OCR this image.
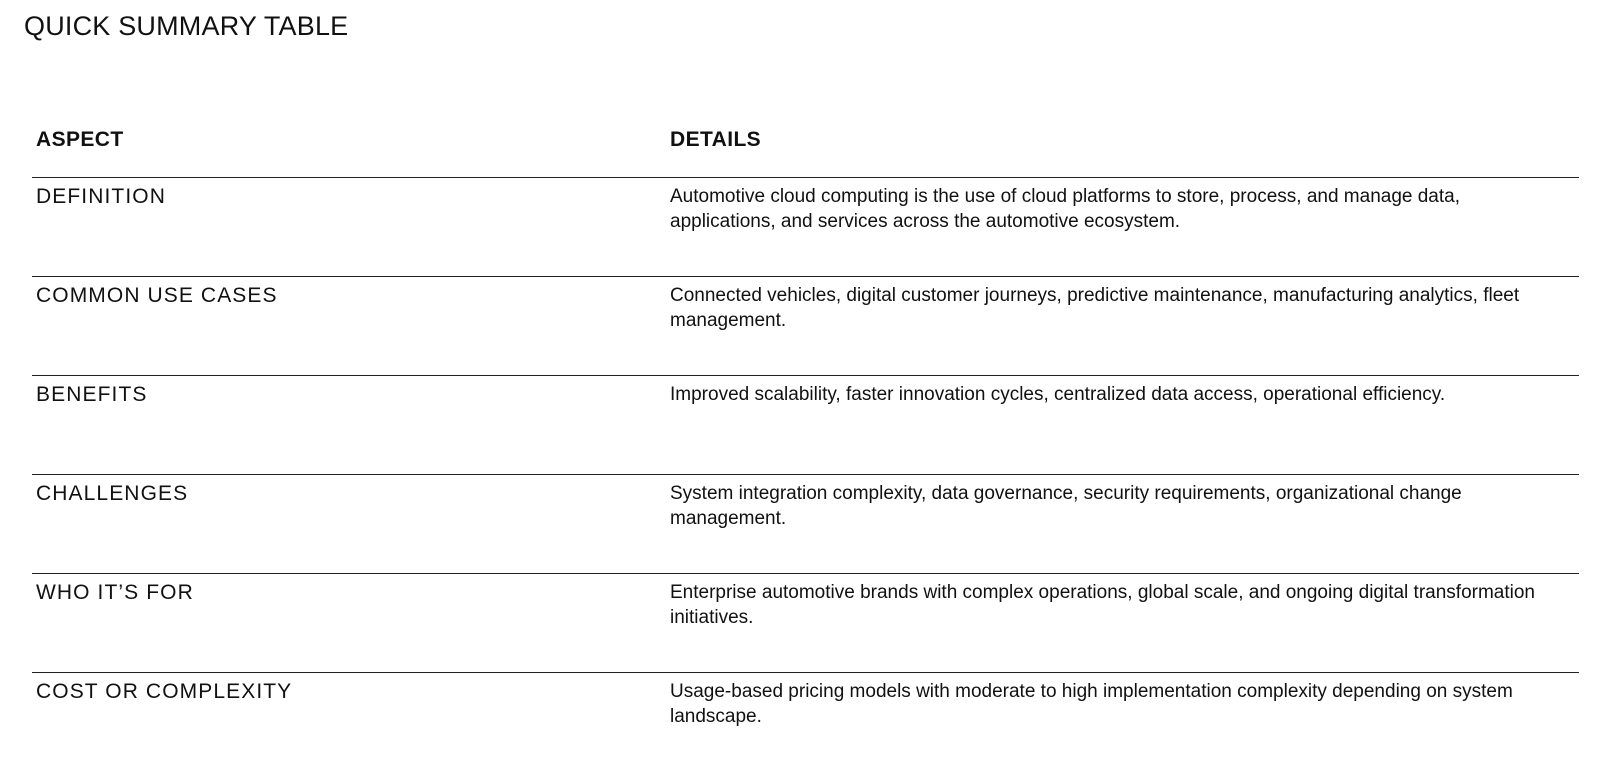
QUICK SUMMARY TABLE
ASPECT	DETAILS
DEFINITION	Automotive cloud computing is the use of cloud platforms to store, process, and manage data, applications, and services across the automotive ecosystem.
COMMON USE CASES	Connected vehicles, digital customer journeys, predictive maintenance, manufacturing analytics, fleet management.
BENEFITS	Improved scalability, faster innovation cycles, centralized data access, operational efficiency.
CHALLENGES	System integration complexity, data governance, security requirements, organizational change management.
WHO IT’S FOR	Enterprise automotive brands with complex operations, global scale, and ongoing digital transformation initiatives.
COST OR COMPLEXITY	Usage-based pricing models with moderate to high implementation complexity depending on system landscape.
